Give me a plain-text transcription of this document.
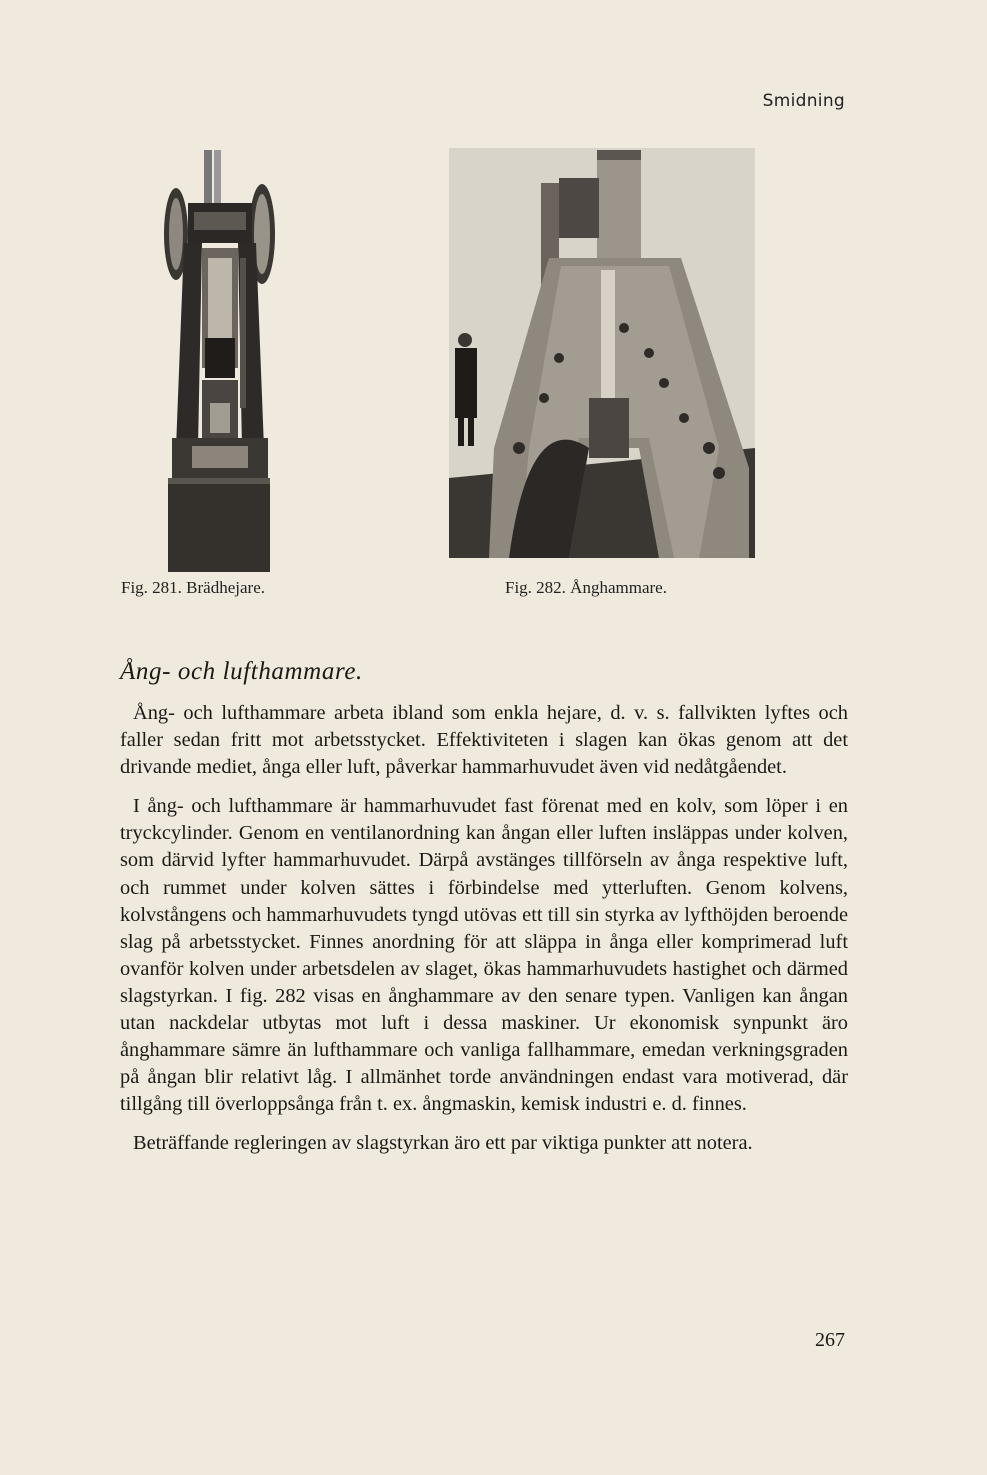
Smidning
Fig. 281. Brädhejare.	Fig. 282. Ånghammare.
Ång- och lufthammare.

Ång- och lufthammare arbeta ibland som enkla hejare, d. v. s. fallvikten lyftes och faller sedan fritt mot arbetsstycket. Effektiviteten i slagen kan ökas genom att det drivande mediet, ånga eller luft, påverkar hammarhuvudet även vid nedåtgåendet.

I ång- och lufthammare är hammarhuvudet fast förenat med en kolv, som löper i en tryckcylinder. Genom en ventilanordning kan ångan eller luften insläppas under kolven, som därvid lyfter hammarhuvudet. Därpå avstänges tillförseln av ånga respektive luft, och rummet under kolven sättes i förbindelse med ytterluften. Genom kolvens, kolvstångens och hammarhuvudets tyngd utövas ett till sin styrka av lyfthöjden beroende slag på arbetsstycket. Finnes anordning för att släppa in ånga eller komprimerad luft ovanför kolven under arbetsdelen av slaget, ökas hammarhuvudets hastighet och därmed slagstyrkan. I fig. 282 visas en ånghammare av den senare typen. Vanligen kan ångan utan nackdelar utbytas mot luft i dessa maskiner. Ur ekonomisk synpunkt äro ånghammare sämre än lufthammare och vanliga fallhammare, emedan verkningsgraden på ångan blir relativt låg. I allmänhet torde användningen endast vara motiverad, där tillgång till överloppsånga från t. ex. ångmaskin, kemisk industri e. d. finnes.

Beträffande regleringen av slagstyrkan äro ett par viktiga punkter att notera.

267
